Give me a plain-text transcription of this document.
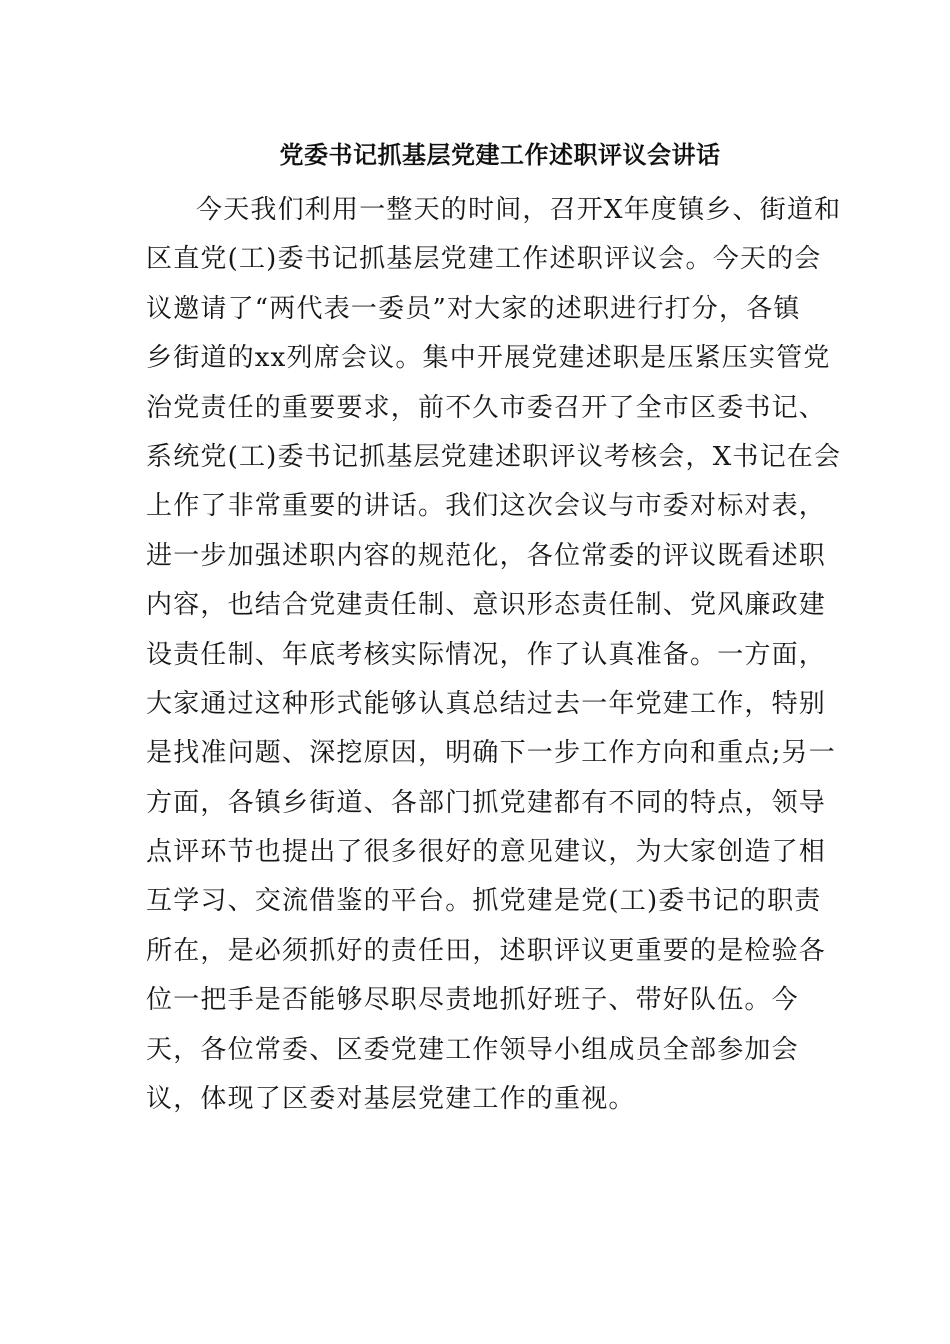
党委书记抓基层党建工作述职评议会讲话
今天我们利用一整天的时间，召开X年度镇乡、街道和
区直党(工)委书记抓基层党建工作述职评议会。今天的会
议邀请了“两代表一委员”对大家的述职进行打分，各镇
乡街道的xx列席会议。集中开展党建述职是压紧压实管党
治党责任的重要要求，前不久市委召开了全市区委书记、
系统党(工)委书记抓基层党建述职评议考核会，X书记在会
上作了非常重要的讲话。我们这次会议与市委对标对表，
进一步加强述职内容的规范化，各位常委的评议既看述职
内容，也结合党建责任制、意识形态责任制、党风廉政建
设责任制、年底考核实际情况，作了认真准备。一方面，
大家通过这种形式能够认真总结过去一年党建工作，特别
是找准问题、深挖原因，明确下一步工作方向和重点;另一
方面，各镇乡街道、各部门抓党建都有不同的特点，领导
点评环节也提出了很多很好的意见建议，为大家创造了相
互学习、交流借鉴的平台。抓党建是党(工)委书记的职责
所在，是必须抓好的责任田，述职评议更重要的是检验各
位一把手是否能够尽职尽责地抓好班子、带好队伍。今
天，各位常委、区委党建工作领导小组成员全部参加会
议，体现了区委对基层党建工作的重视。
